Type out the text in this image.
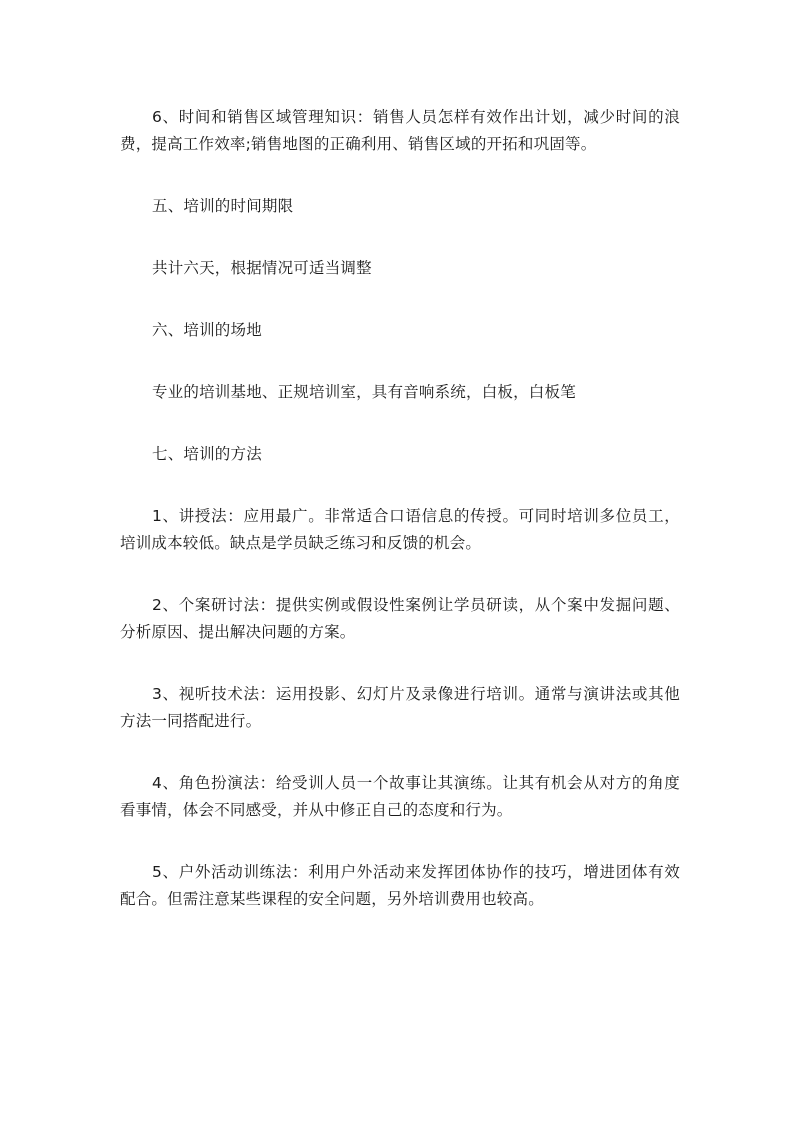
6、时间和销售区域管理知识：销售人员怎样有效作出计划，减少时间的浪费，提高工作效率;销售地图的正确利用、销售区域的开拓和巩固等。

五、培训的时间期限

共计六天，根据情况可适当调整

六、培训的场地

专业的培训基地、正规培训室，具有音响系统，白板，白板笔

七、培训的方法

1、讲授法：应用最广。非常适合口语信息的传授。可同时培训多位员工，培训成本较低。缺点是学员缺乏练习和反馈的机会。

2、个案研讨法：提供实例或假设性案例让学员研读，从个案中发掘问题、分析原因、提出解决问题的方案。

3、视听技术法：运用投影、幻灯片及录像进行培训。通常与演讲法或其他方法一同搭配进行。

4、角色扮演法：给受训人员一个故事让其演练。让其有机会从对方的角度看事情，体会不同感受，并从中修正自己的态度和行为。

5、户外活动训练法：利用户外活动来发挥团体协作的技巧，增进团体有效配合。但需注意某些课程的安全问题，另外培训费用也较高。
